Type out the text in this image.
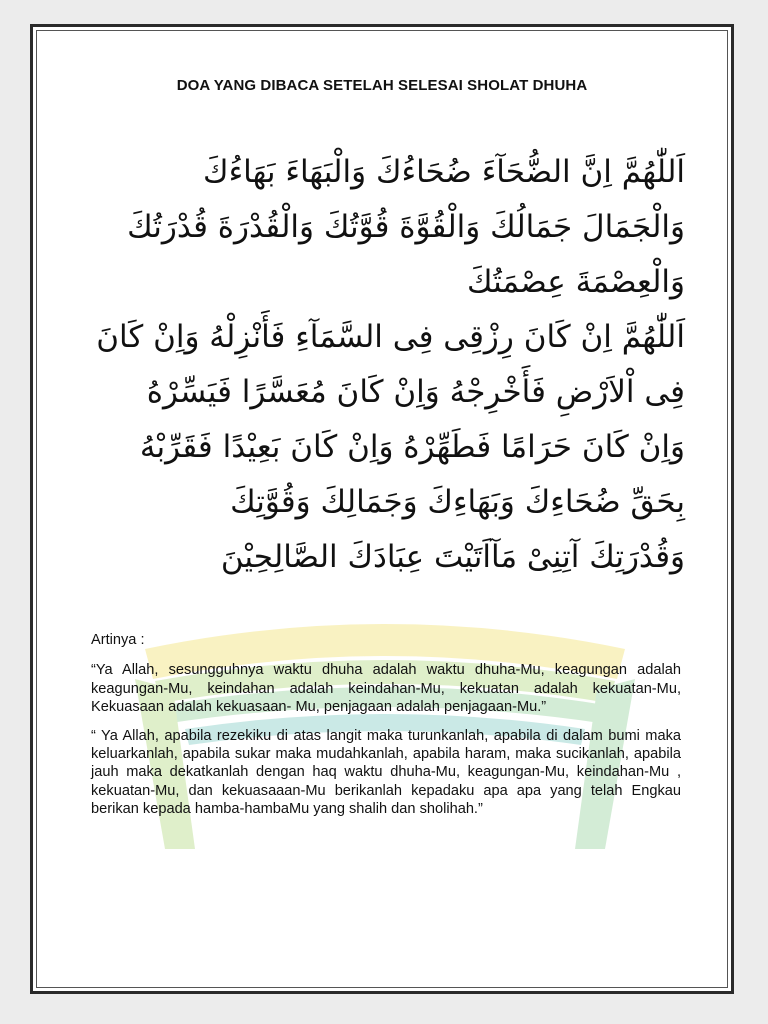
DOA YANG DIBACA SETELAH SELESAI SHOLAT DHUHA
اَللّٰهُمَّ اِنَّ الضُّحَآءَ ضُحَاءُكَ وَالْبَهَاءَ بَهَاءُكَ
وَالْجَمَالَ جَمَالُكَ وَالْقُوَّةَ قُوَّتُكَ وَالْقُدْرَةَ قُدْرَتُكَ
وَالْعِصْمَةَ عِصْمَتُكَ
اَللّٰهُمَّ اِنْ كَانَ رِزْقِى فِى السَّمَآءِ فَأَنْزِلْهُ وَاِنْ كَانَ
فِى اْلاَرْضِ فَأَخْرِجْهُ وَاِنْ كَانَ مُعَسَّرًا فَيَسِّرْهُ
وَاِنْ كَانَ حَرَامًا فَطَهِّرْهُ وَاِنْ كَانَ بَعِيْدًا فَقَرِّبْهُ
بِحَقِّ ضُحَاءِكَ وَبَهَاءِكَ وَجَمَالِكَ وَقُوَّتِكَ
وَقُدْرَتِكَ آتِنِىْ مَآاَتَيْتَ عِبَادَكَ الصَّالِحِيْنَ

Artinya :

“Ya Allah, sesungguhnya waktu dhuha adalah waktu dhuha-Mu, keagungan adalah keagungan-Mu, keindahan adalah keindahan-Mu, kekuatan adalah kekuatan-Mu, Kekuasaan adalah kekuasaan- Mu, penjagaan adalah penjagaan-Mu.”

“ Ya Allah, apabila rezekiku di atas langit maka turunkanlah, apabila di dalam bumi maka keluarkanlah, apabila sukar maka mudahkanlah, apabila haram, maka sucikanlah, apabila jauh maka dekatkanlah dengan haq waktu dhuha-Mu, keagungan-Mu, keindahan-Mu , kekuatan-Mu, dan kekuasaaan-Mu berikanlah kepadaku apa apa yang telah Engkau berikan kepada hamba-hambaMu yang shalih dan sholihah.”
